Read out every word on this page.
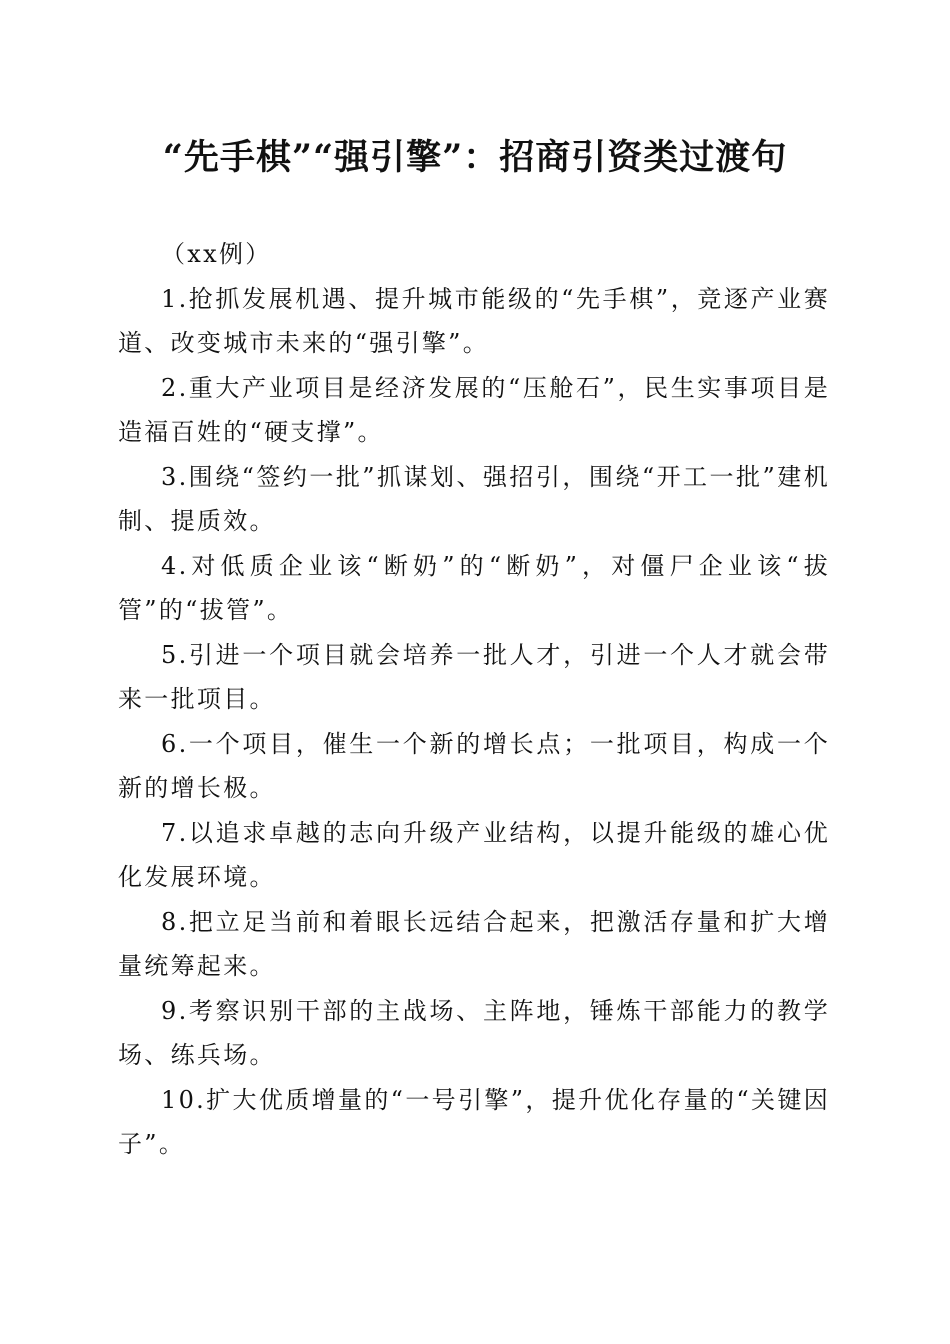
“先手棋”“强引擎”：招商引资类过渡句

（xx例）

1.抢抓发展机遇、提升城市能级的“先手棋”，竞逐产业赛道、改变城市未来的“强引擎”。

2.重大产业项目是经济发展的“压舱石”，民生实事项目是造福百姓的“硬支撑”。

3.围绕“签约一批”抓谋划、强招引，围绕“开工一批”建机制、提质效。

4.对低质企业该“断奶”的“断奶”，对僵尸企业该“拔管”的“拔管”。

5.引进一个项目就会培养一批人才，引进一个人才就会带来一批项目。

6.一个项目，催生一个新的增长点；一批项目，构成一个新的增长极。

7.以追求卓越的志向升级产业结构，以提升能级的雄心优化发展环境。

8.把立足当前和着眼长远结合起来，把激活存量和扩大增量统筹起来。

9.考察识别干部的主战场、主阵地，锤炼干部能力的教学场、练兵场。

10.扩大优质增量的“一号引擎”，提升优化存量的“关键因子”。
